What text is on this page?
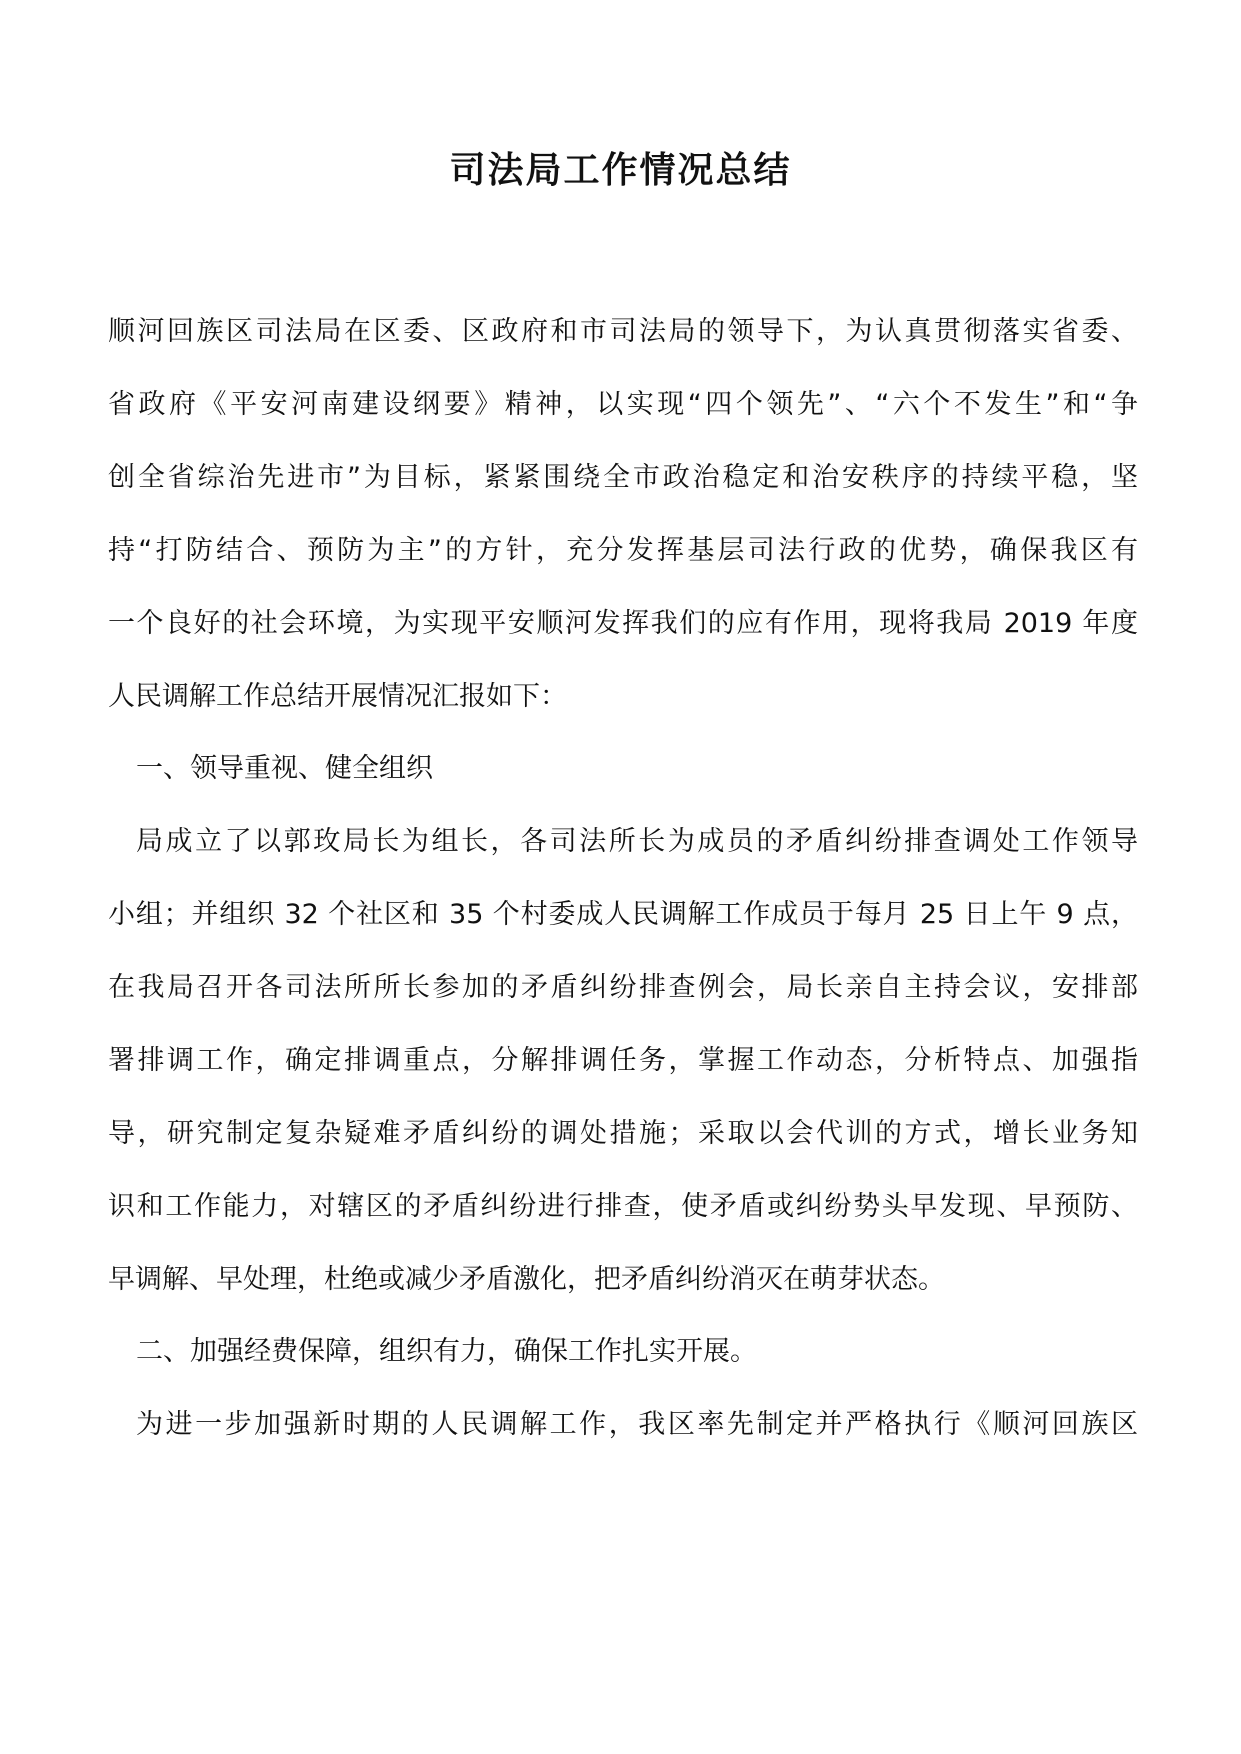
司法局工作情况总结

顺河回族区司法局在区委、区政府和市司法局的领导下，为认真贯彻落实省委、

省政府《平安河南建设纲要》精神，以实现“四个领先”、“六个不发生”和“争

创全省综治先进市”为目标，紧紧围绕全市政治稳定和治安秩序的持续平稳，坚

持“打防结合、预防为主”的方针，充分发挥基层司法行政的优势，确保我区有

一个良好的社会环境，为实现平安顺河发挥我们的应有作用，现将我局 2019 年度

人民调解工作总结开展情况汇报如下：

一、领导重视、健全组织

局成立了以郭玫局长为组长，各司法所长为成员的矛盾纠纷排查调处工作领导

小组；并组织 32 个社区和 35 个村委成人民调解工作成员于每月 25 日上午 9 点，

在我局召开各司法所所长参加的矛盾纠纷排查例会，局长亲自主持会议，安排部

署排调工作，确定排调重点，分解排调任务，掌握工作动态，分析特点、加强指

导，研究制定复杂疑难矛盾纠纷的调处措施；采取以会代训的方式，增长业务知

识和工作能力，对辖区的矛盾纠纷进行排查，使矛盾或纠纷势头早发现、早预防、

早调解、早处理，杜绝或减少矛盾激化，把矛盾纠纷消灭在萌芽状态。

二、加强经费保障，组织有力，确保工作扎实开展。

为进一步加强新时期的人民调解工作，我区率先制定并严格执行《顺河回族区
